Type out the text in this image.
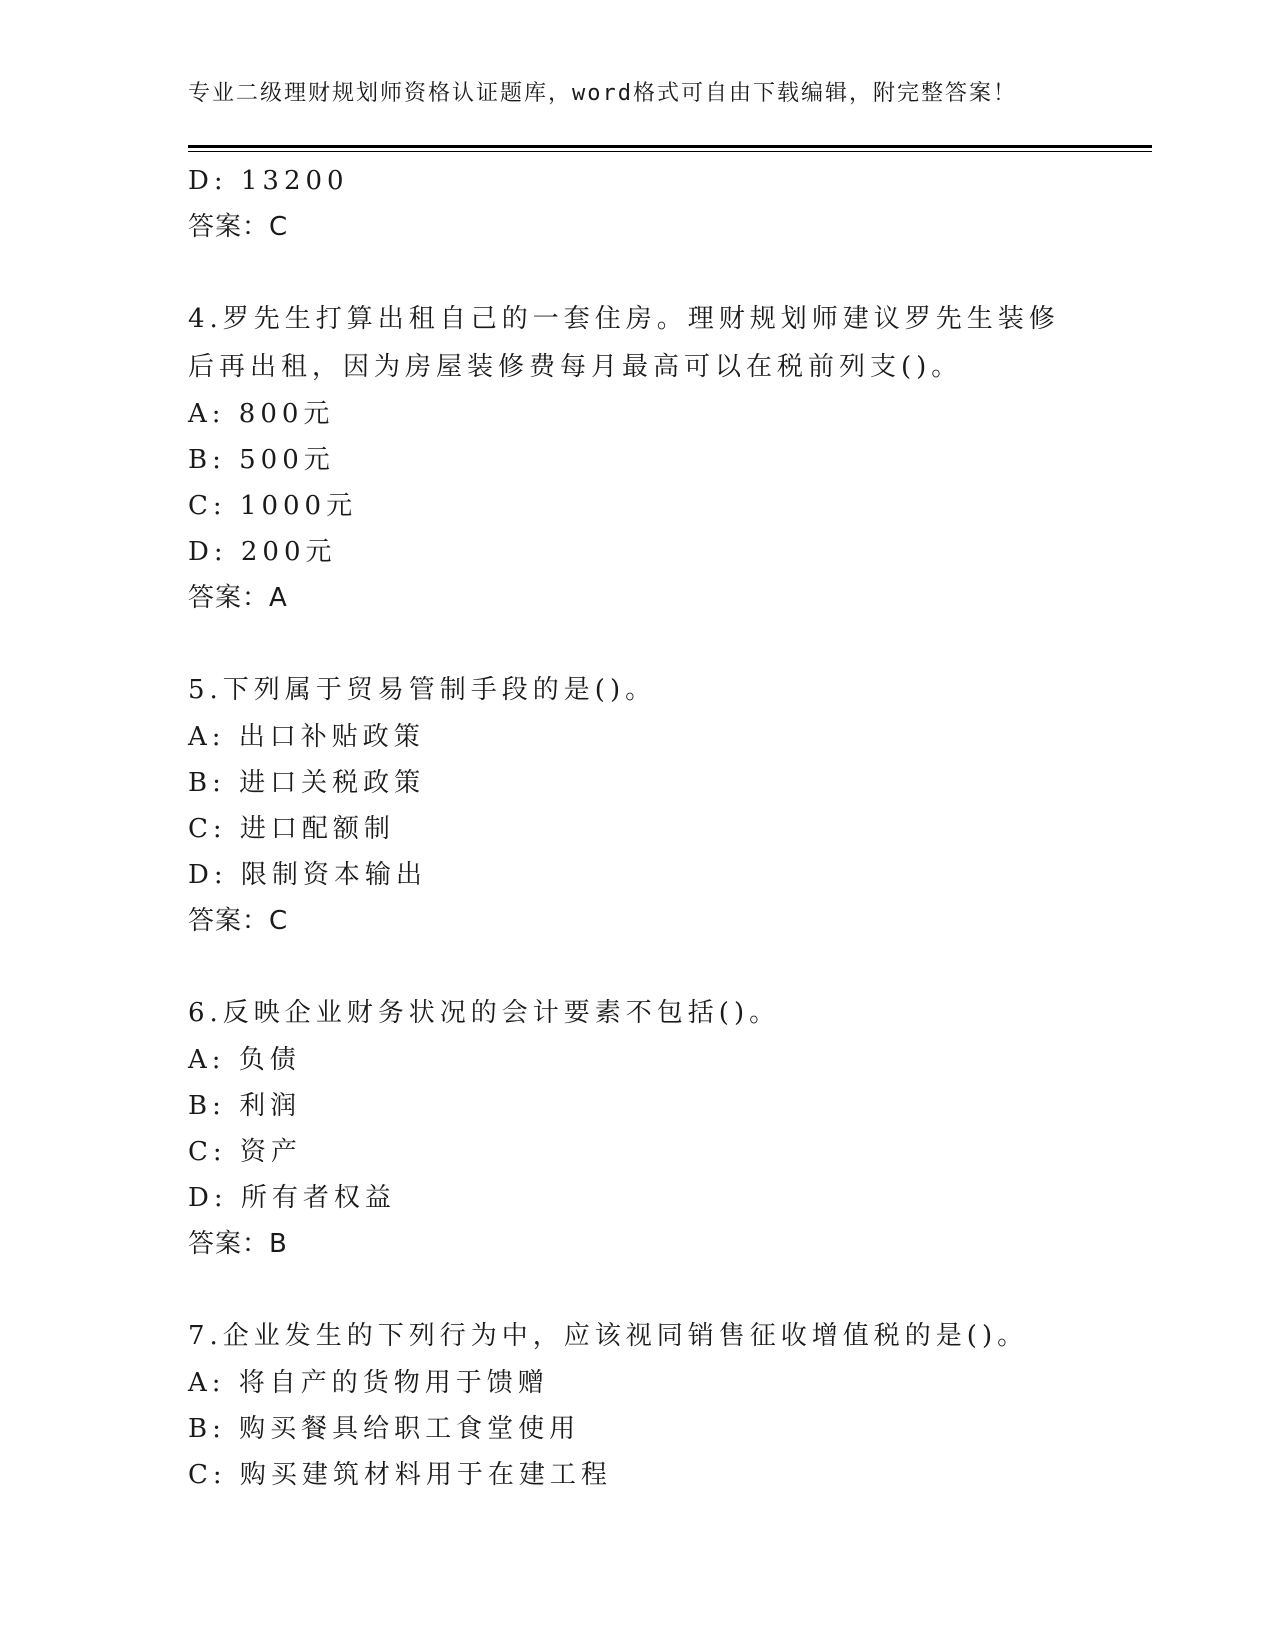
专业二级理财规划师资格认证题库，word格式可自由下载编辑，附完整答案！
D: 13200
答案：C
4.罗先生打算出租自己的一套住房。理财规划师建议罗先生装修后再出租，因为房屋装修费每月最高可以在税前列支()。
A: 800元
B: 500元
C: 1000元
D: 200元
答案：A
5.下列属于贸易管制手段的是()。
A: 出口补贴政策
B: 进口关税政策
C: 进口配额制
D: 限制资本输出
答案：C
6.反映企业财务状况的会计要素不包括()。
A: 负债
B: 利润
C: 资产
D: 所有者权益
答案：B
7.企业发生的下列行为中，应该视同销售征收增值税的是()。
A: 将自产的货物用于馈赠
B: 购买餐具给职工食堂使用
C: 购买建筑材料用于在建工程
